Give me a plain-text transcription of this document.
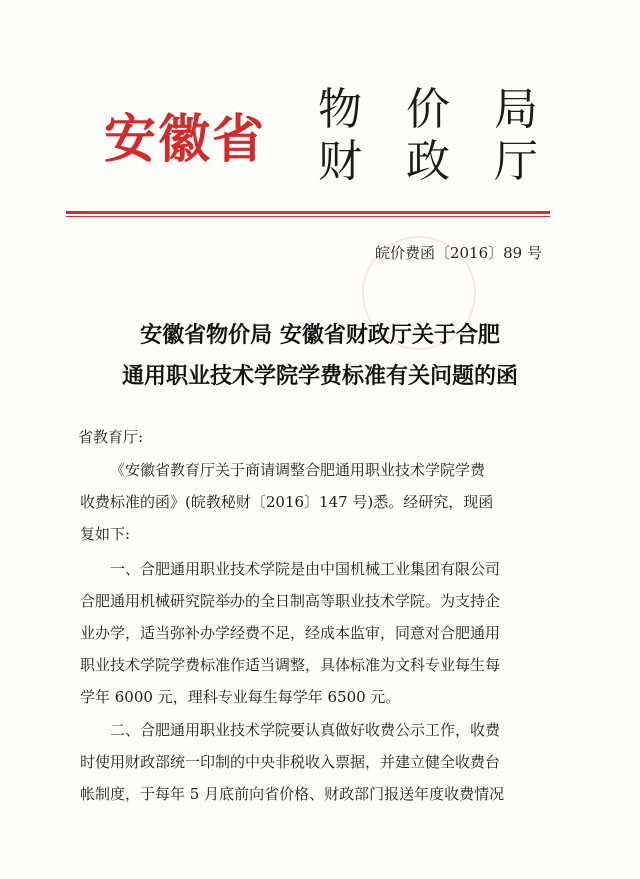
安徽省 物价局
财政厅
皖价费函〔2016〕89 号
安徽省物价局 安徽省财政厅关于合肥
通用职业技术学院学费标准有关问题的函
省教育厅:
《安徽省教育厅关于商请调整合肥通用职业技术学院学费
收费标准的函》(皖教秘财〔2016〕147 号)悉。经研究，现函
复如下:
一、合肥通用职业技术学院是由中国机械工业集团有限公司
合肥通用机械研究院举办的全日制高等职业技术学院。为支持企
业办学，适当弥补办学经费不足，经成本监审，同意对合肥通用
职业技术学院学费标准作适当调整，具体标准为文科专业每生每
学年 6000 元，理科专业每生每学年 6500 元。
二、合肥通用职业技术学院要认真做好收费公示工作，收费
时使用财政部统一印制的中央非税收入票据，并建立健全收费台
帐制度，于每年 5 月底前向省价格、财政部门报送年度收费情况
